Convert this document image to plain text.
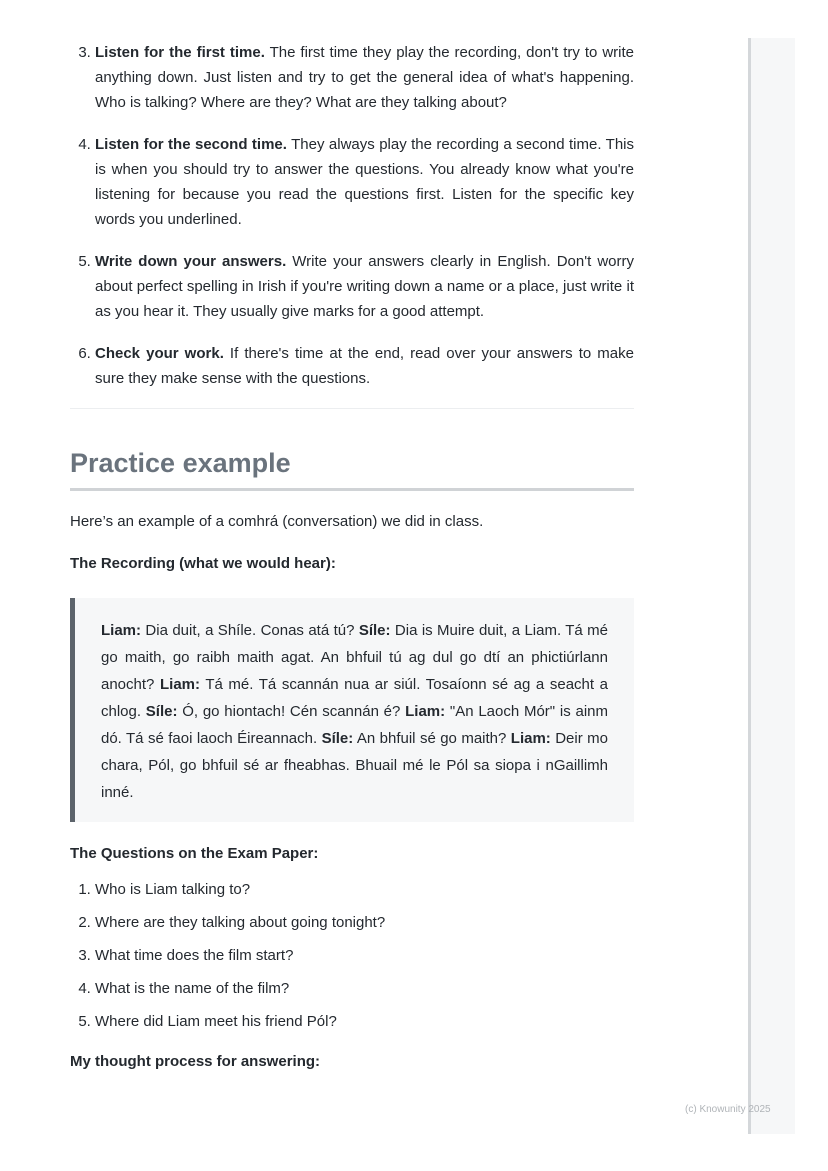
3. Listen for the first time. The first time they play the recording, don't try to write anything down. Just listen and try to get the general idea of what's happening. Who is talking? Where are they? What are they talking about?
4. Listen for the second time. They always play the recording a second time. This is when you should try to answer the questions. You already know what you're listening for because you read the questions first. Listen for the specific key words you underlined.
5. Write down your answers. Write your answers clearly in English. Don't worry about perfect spelling in Irish if you're writing down a name or a place, just write it as you hear it. They usually give marks for a good attempt.
6. Check your work. If there's time at the end, read over your answers to make sure they make sense with the questions.
Practice example

Here’s an example of a comhrá (conversation) we did in class.

The Recording (what we would hear):

Liam: Dia duit, a Shíle. Conas atá tú? Síle: Dia is Muire duit, a Liam. Tá mé go maith, go raibh maith agat. An bhfuil tú ag dul go dtí an phictiúrlann anocht? Liam: Tá mé. Tá scannán nua ar siúl. Tosaíonn sé ag a seacht a chlog. Síle: Ó, go hiontach! Cén scannán é? Liam: "An Laoch Mór" is ainm dó. Tá sé faoi laoch Éireannach. Síle: An bhfuil sé go maith? Liam: Deir mo chara, Pól, go bhfuil sé ar fheabhas. Bhuail mé le Pól sa siopa i nGaillimh inné.

The Questions on the Exam Paper:

1. Who is Liam talking to?
2. Where are they talking about going tonight?
3. What time does the film start?
4. What is the name of the film?
5. Where did Liam meet his friend Pól?

My thought process for answering:

(c) Knowunity 2025
